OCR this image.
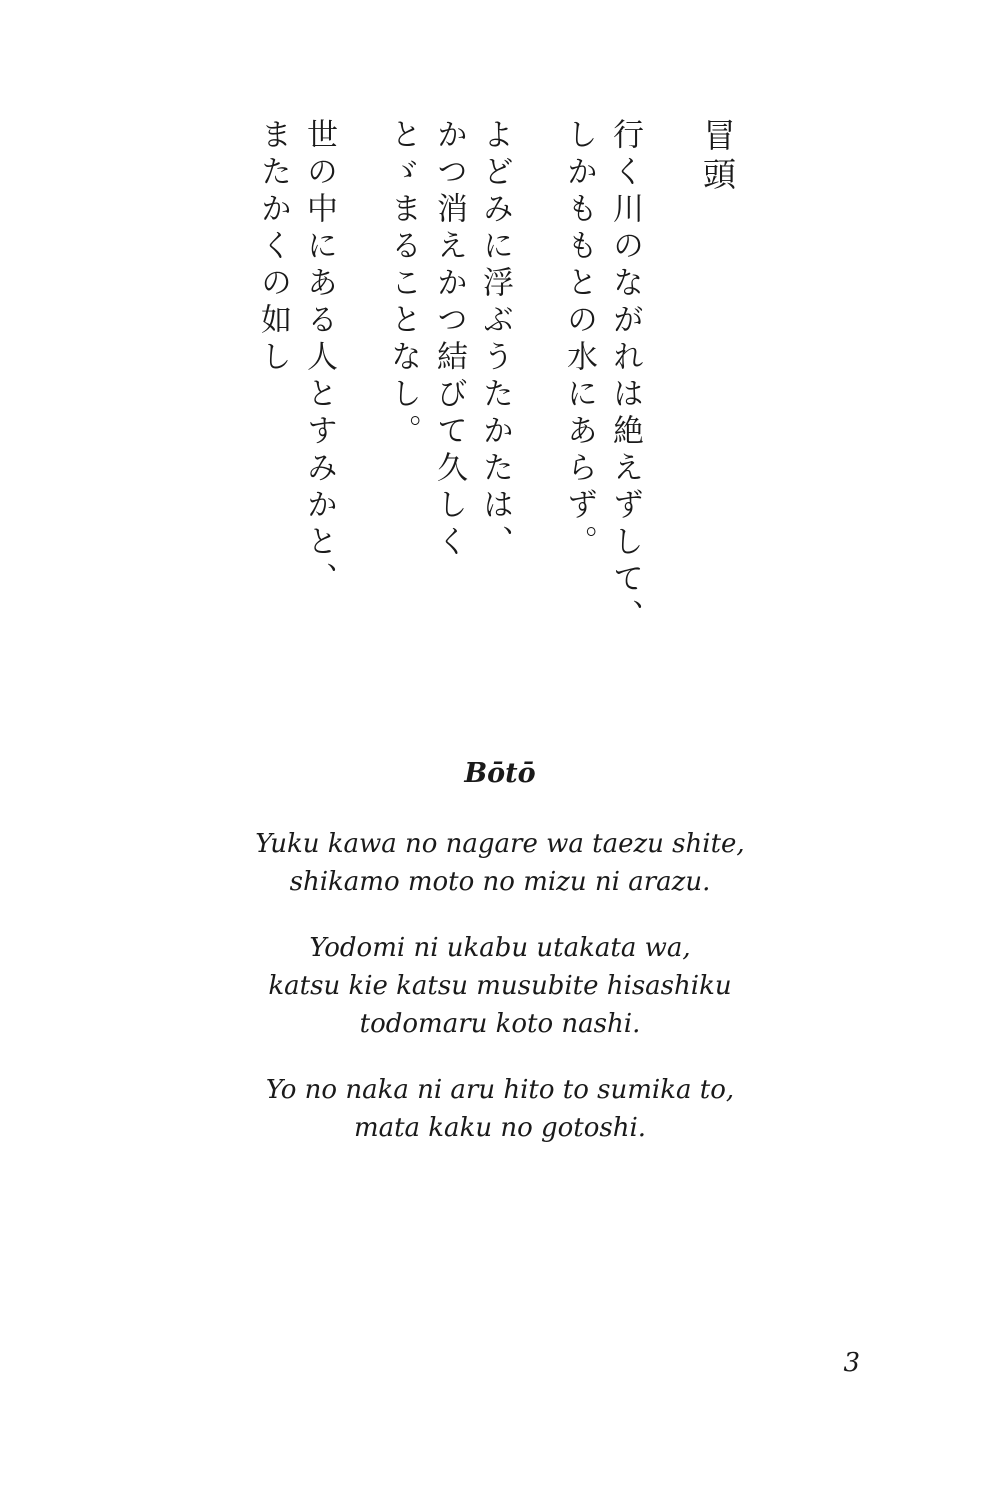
冒頭
行く川のながれは絶えずして、
しかももとの水にあらず。
よどみに浮ぶうたかたは、
かつ消えかつ結びて久しく
とゞまることなし。
世の中にある人とすみかと、
またかくの如し
Bōtō

Yuku kawa no nagare wa taezu shite,
shikamo moto no mizu ni arazu.

Yodomi ni ukabu utakata wa,
katsu kie katsu musubite hisashiku
todomaru koto nashi.

Yo no naka ni aru hito to sumika to,
mata kaku no gotoshi.

3
